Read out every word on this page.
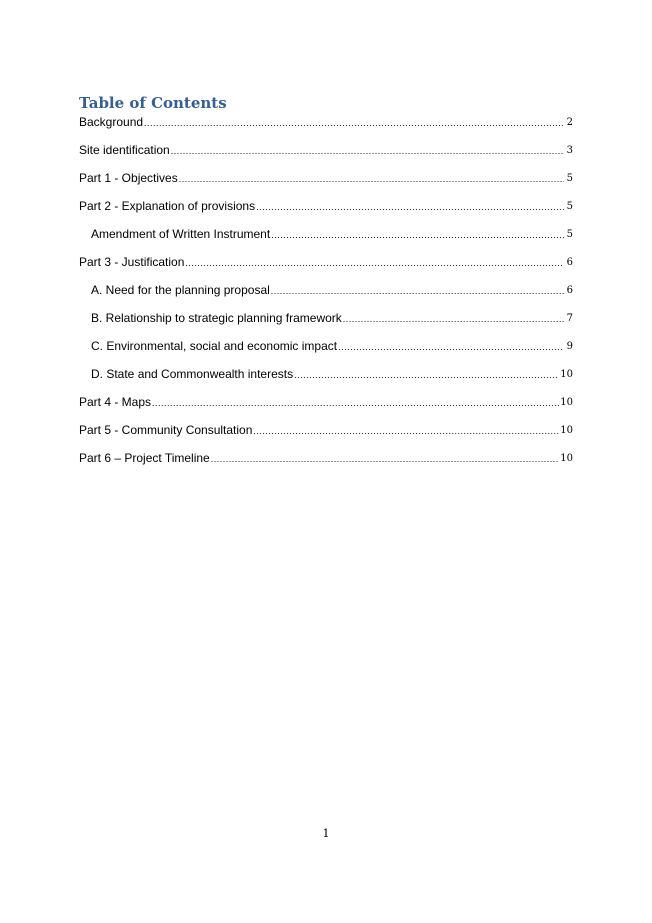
Table of Contents
Background .....	2
Site identification .....	3
Part 1 - Objectives .....	5
Part 2 - Explanation of provisions .....	5
Amendment of Written Instrument .....	5
Part 3 - Justification .....	6
A. Need for the planning proposal .....	6
B. Relationship to strategic planning framework .....	7
C. Environmental, social and economic impact .....	9
D. State and Commonwealth interests .....	10
Part 4 - Maps .....	10
Part 5 - Community Consultation .....	10
Part 6 – Project Timeline .....	10
1
